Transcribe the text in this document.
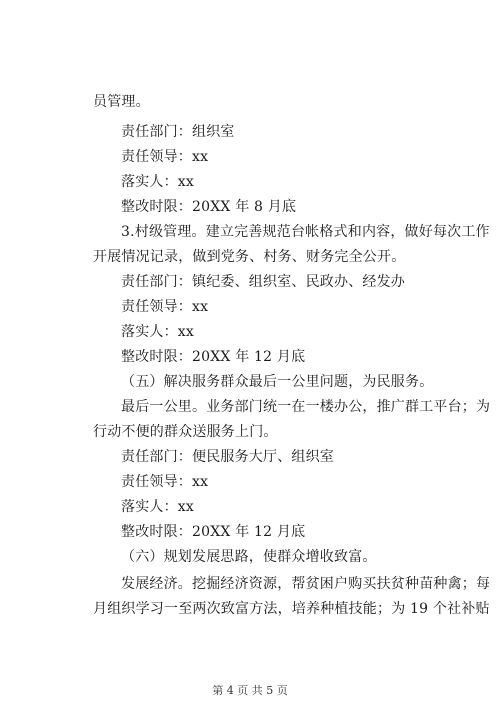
员管理。
责任部门：组织室
责任领导：xx
落实人：xx
整改时限：20XX 年 8 月底
3.村级管理。建立完善规范台帐格式和内容，做好每次工作
开展情况记录，做到党务、村务、财务完全公开。
责任部门：镇纪委、组织室、民政办、经发办
责任领导：xx
落实人：xx
整改时限：20XX 年 12 月底
（五）解决服务群众最后一公里问题，为民服务。
最后一公里。业务部门统一在一楼办公，推广群工平台；为
行动不便的群众送服务上门。
责任部门：便民服务大厅、组织室
责任领导：xx
落实人：xx
整改时限：20XX 年 12 月底
（六）规划发展思路，使群众增收致富。
发展经济。挖掘经济资源，帮贫困户购买扶贫种苗种禽；每
月组织学习一至两次致富方法，培养种植技能；为 19 个社补贴
第 4 页 共 5 页
